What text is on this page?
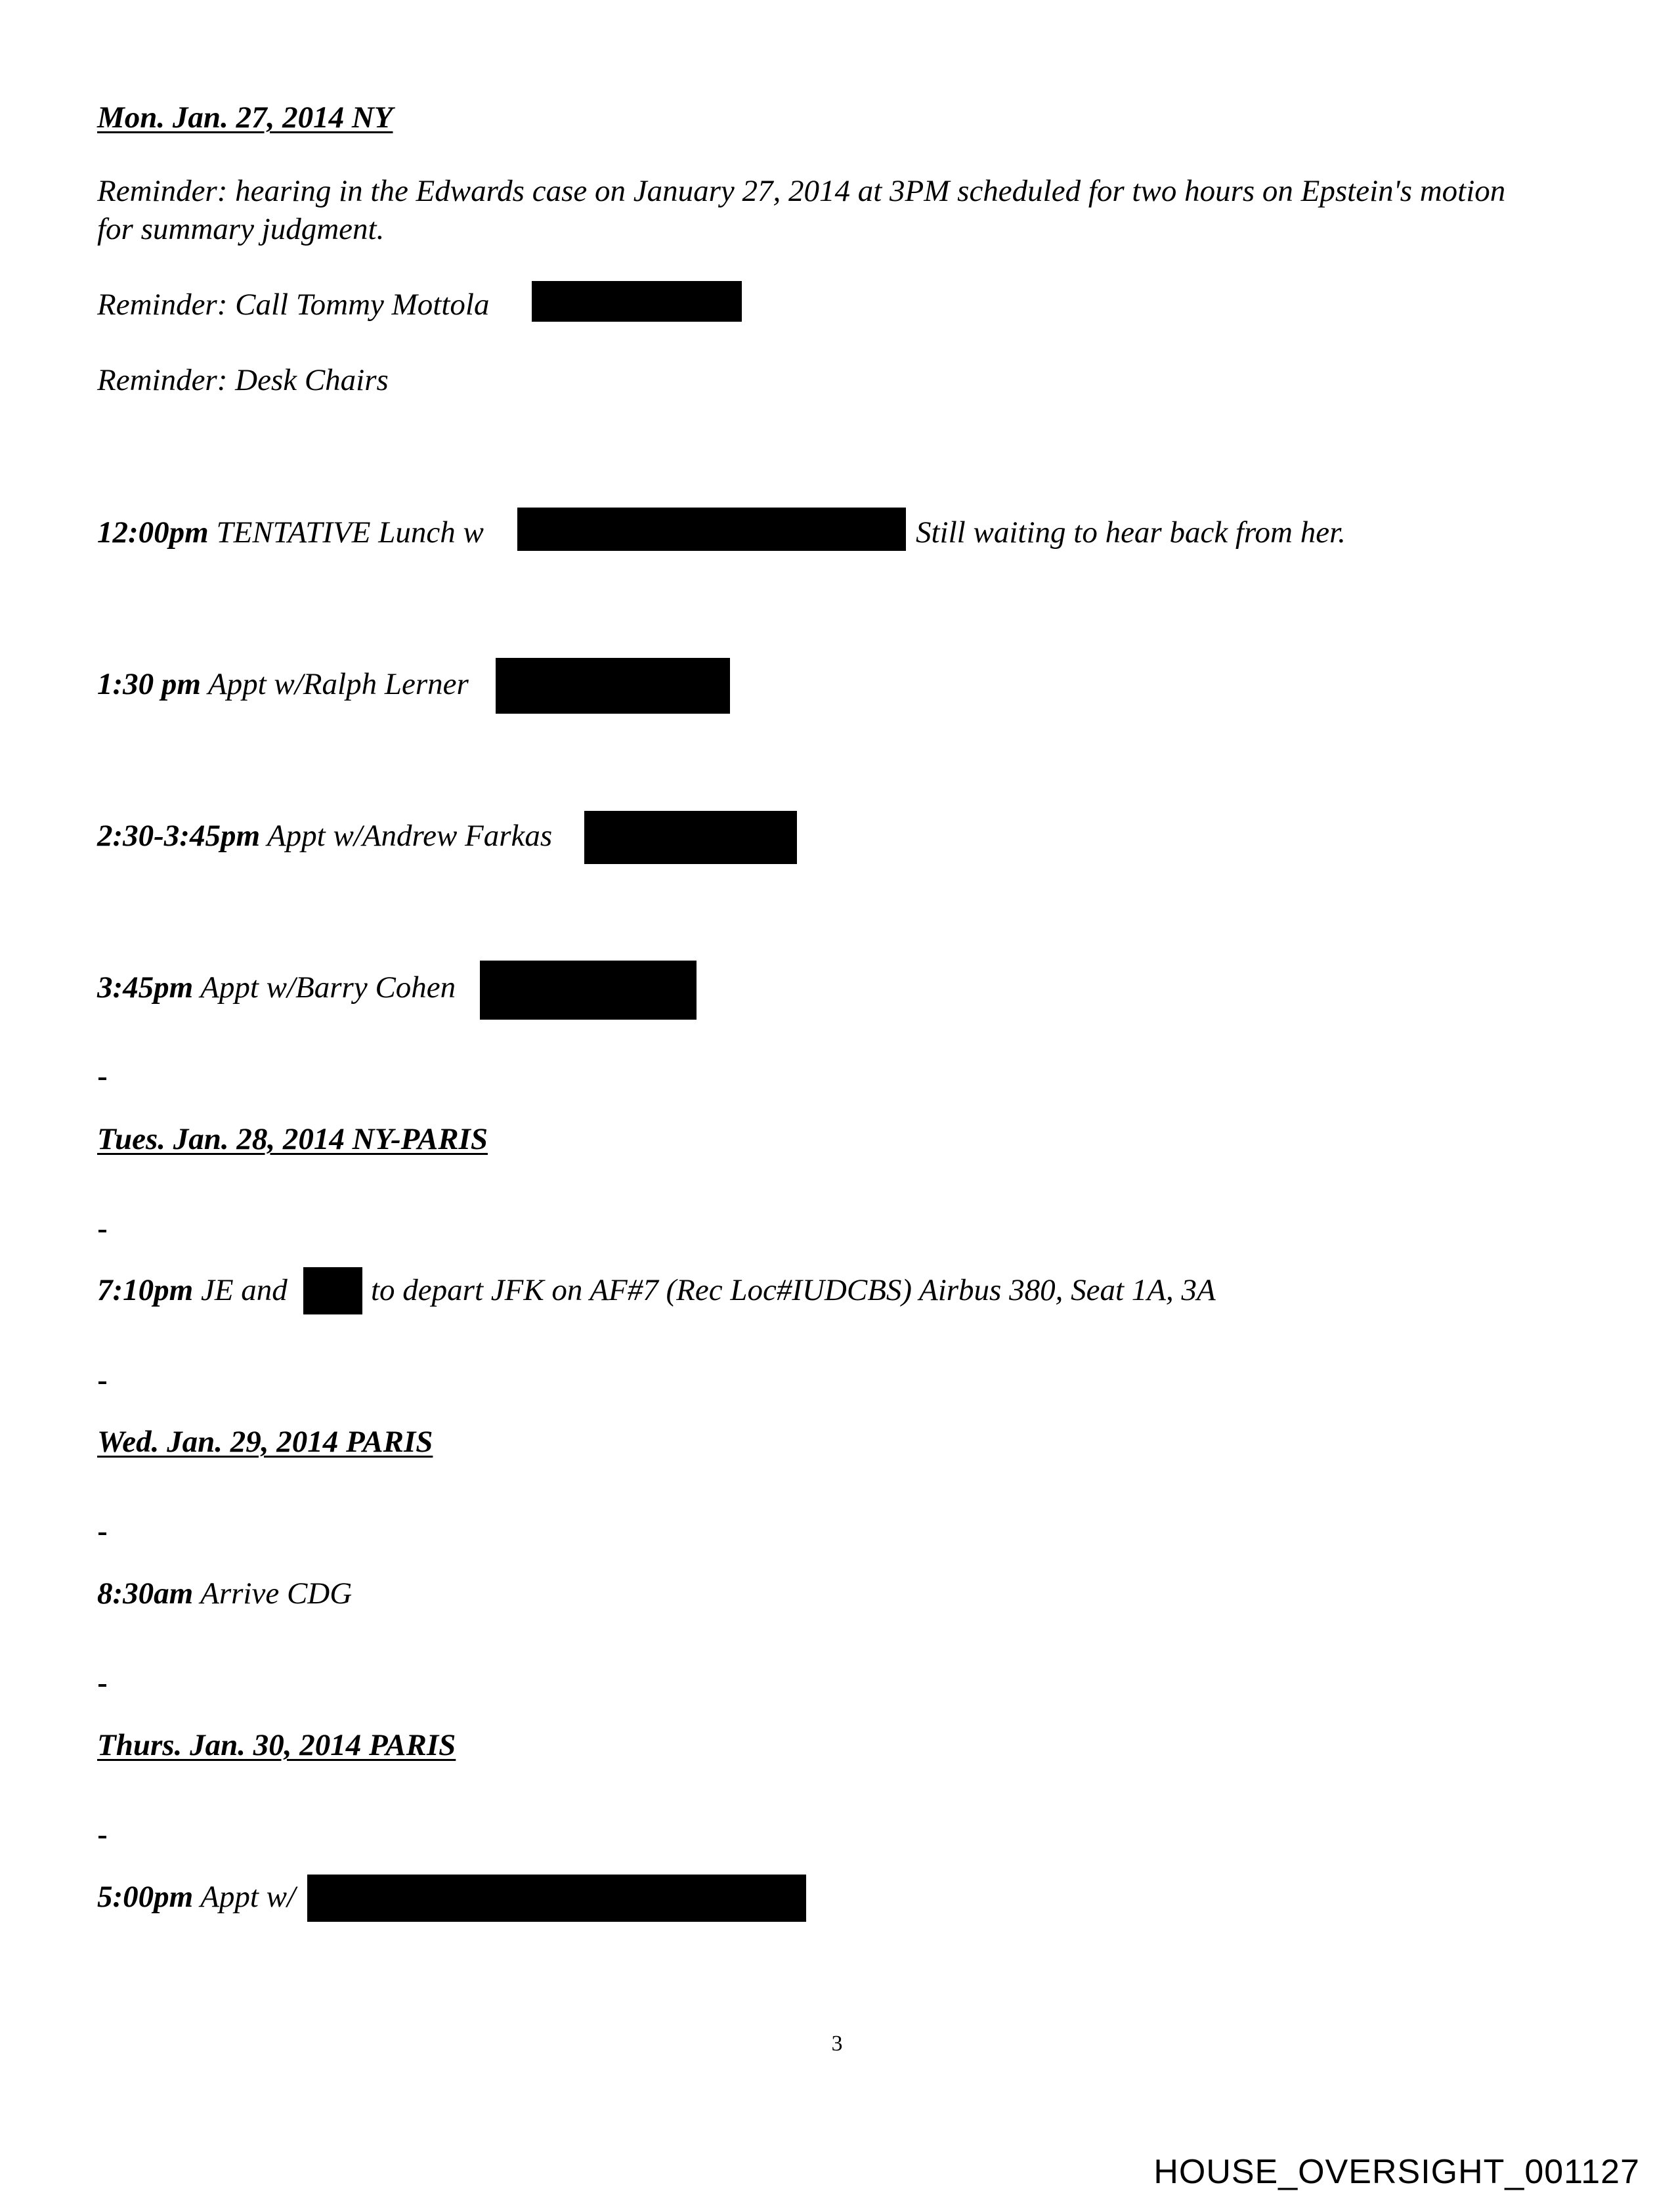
Mon. Jan. 27, 2014 NY
Reminder: hearing in the Edwards case on January 27, 2014 at 3PM scheduled for two hours on Epstein's motion for summary judgment.
Reminder: Call Tommy Mottola
Reminder: Desk Chairs
12:00pm TENTATIVE Lunch w	Still waiting to hear back from her.
1:30 pm Appt w/Ralph Lerner
2:30-3:45pm Appt w/Andrew Farkas
3:45pm Appt w/Barry Cohen
Tues. Jan. 28, 2014 NY-PARIS
7:10pm JE and	to depart JFK on AF#7 (Rec Loc#IUDCBS) Airbus 380, Seat 1A, 3A
Wed. Jan. 29, 2014 PARIS
8:30am Arrive CDG
Thurs. Jan. 30, 2014 PARIS
5:00pm Appt w/
3
HOUSE_OVERSIGHT_001127
